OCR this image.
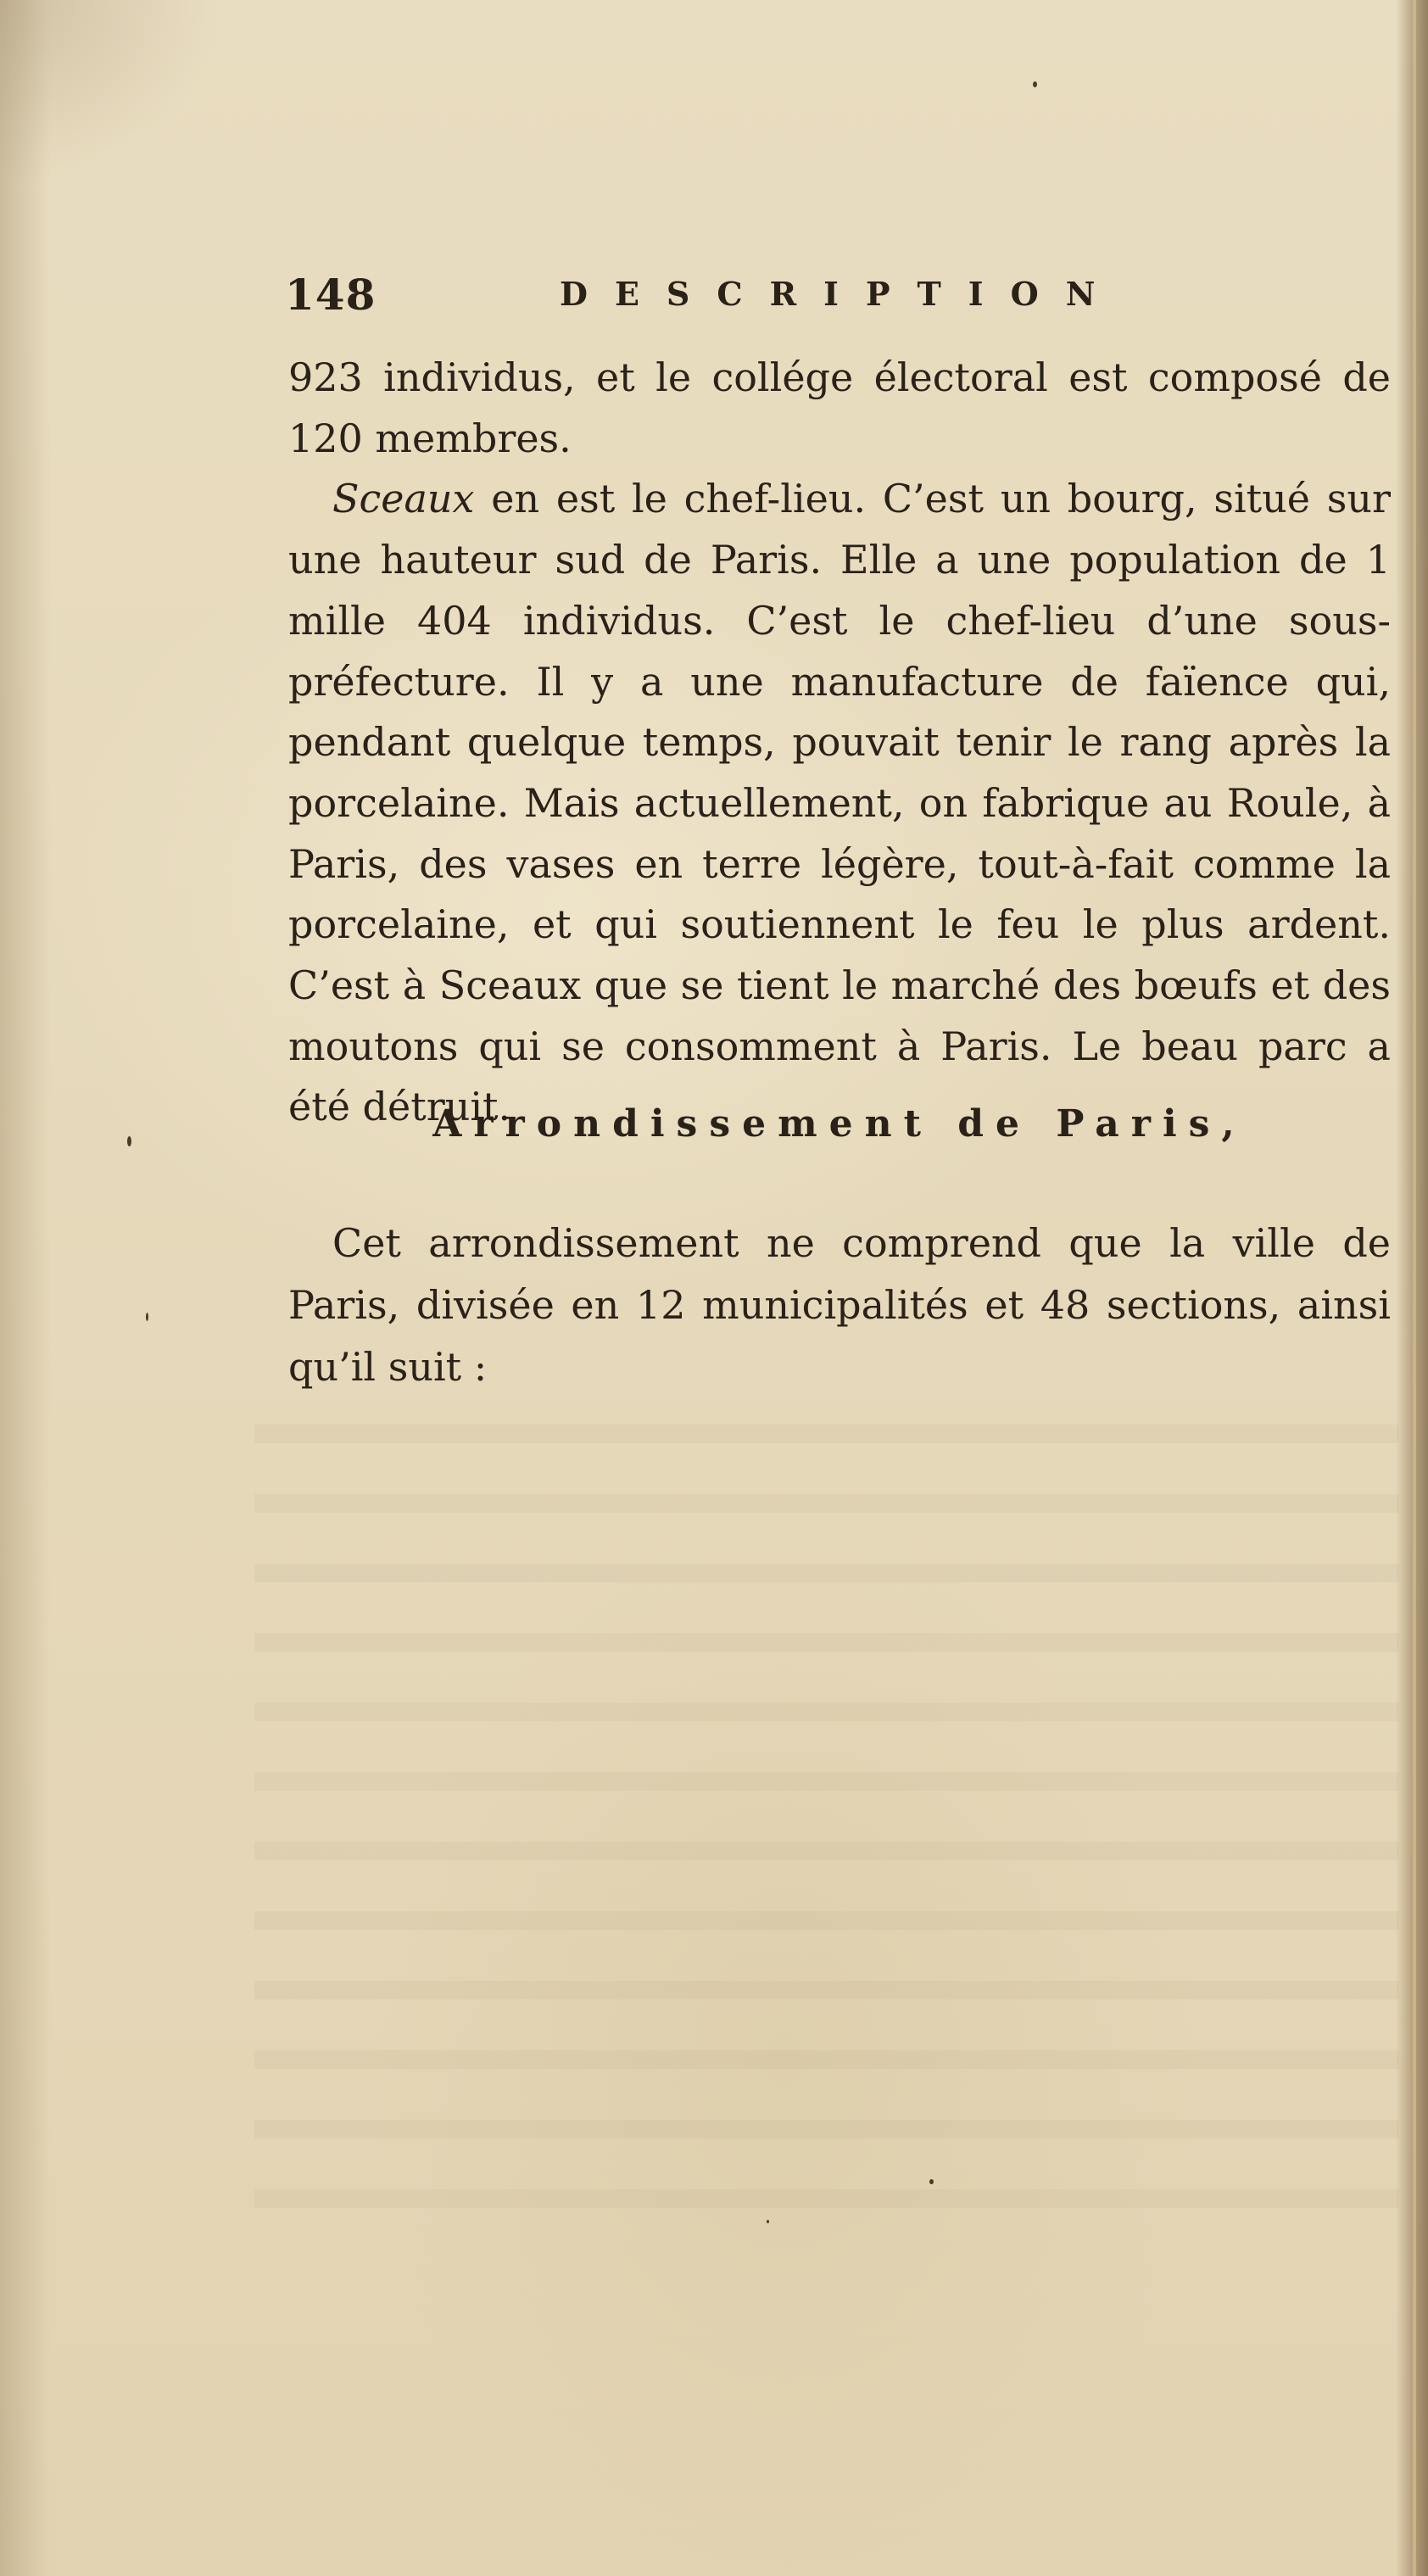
148	DESCRIPTION

923 individus, et le collége électoral est composé de 120 membres.

Sceaux en est le chef-lieu. C’est un bourg, situé sur une hauteur sud de Paris. Elle a une population de 1 mille 404 individus. C’est le chef-lieu d’une sous-préfecture. Il y a une manufacture de faïence qui, pendant quelque temps, pouvait tenir le rang après la porcelaine. Mais actuellement, on fabrique au Roule, à Paris, des vases en terre légère, tout-à-fait comme la porcelaine, et qui soutiennent le feu le plus ardent. C’est à Sceaux que se tient le marché des bœufs et des moutons qui se consomment à Paris. Le beau parc a été détruit.

Arrondissement de Paris,

Cet arrondissement ne comprend que la ville de Paris, divisée en 12 municipalités et 48 sections, ainsi qu’il suit :
